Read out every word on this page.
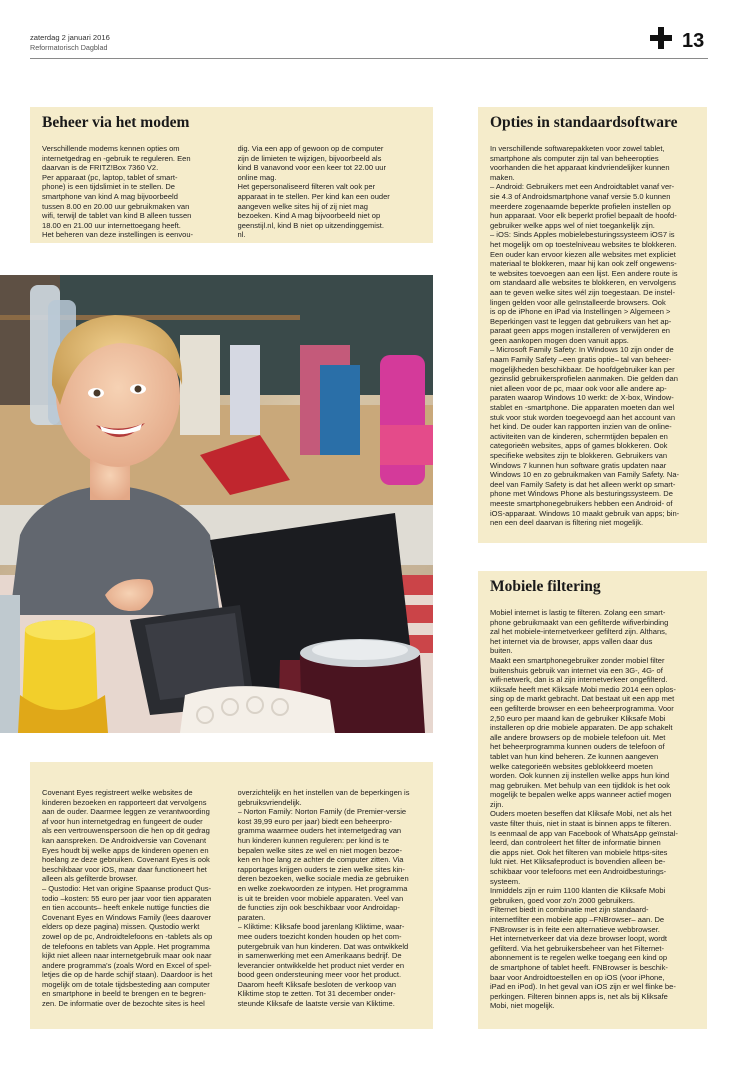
zaterdag 2 januari 2016
Reformatorisch Dagblad	13
Beheer via het modem
Verschillende modems kennen opties om
internetgedrag en -gebruik te reguleren. Een
daarvan is de FRITZ!Box 7360 V2.
Per apparaat (pc, laptop, tablet of smart-
phone) is een tijdslimiet in te stellen. De
smartphone van kind A mag bijvoorbeeld
tussen 8.00 en 20.00 uur gebruikmaken van
wifi, terwijl de tablet van kind B alleen tussen
18.00 en 21.00 uur internettoegang heeft.
Het beheren van deze instellingen is eenvou-
dig. Via een app of gewoon op de computer
zijn de limieten te wijzigen, bijvoorbeeld als
kind B vanavond voor een keer tot 22.00 uur
online mag.
Het gepersonaliseerd filteren valt ook per
apparaat in te stellen. Per kind kan een ouder
aangeven welke sites hij of zij niet mag
bezoeken. Kind A mag bijvoorbeeld niet op
geenstijl.nl, kind B niet op uitzendinggemist.
nl.
Opties in standaardsoftware
In verschillende softwarepakketen voor zowel tablet,
smartphone als computer zijn tal van beheeropties
voorhanden die het apparaat kindvriendelijker kunnen
maken.
– Android: Gebruikers met een Androidtablet vanaf ver-
sie 4.3 of Androidsmartphone vanaf versie 5.0 kunnen
meerdere zogenaamde beperkte profielen instellen op
hun apparaat. Voor elk beperkt profiel bepaalt de hoofd-
gebruiker welke apps wel of niet toegankelijk zijn.
– iOS: Sinds Apples mobielebesturingssysteem iOS7 is
het mogelijk om op toestelniveau websites te blokkeren.
Een ouder kan ervoor kiezen alle websites met expliciet
materiaal te blokkeren, maar hij kan ook zelf ongewens-
te websites toevoegen aan een lijst. Een andere route is
om standaard alle websites te blokkeren, en vervolgens
aan te geven welke sites wél zijn toegestaan. De instel-
lingen gelden voor alle geïnstalleerde browsers. Ook
is op de iPhone en iPad via Instellingen > Algemeen >
Beperkingen vast te leggen dat gebruikers van het ap-
paraat geen apps mogen installeren of verwijderen en
geen aankopen mogen doen vanuit apps.
– Microsoft Family Safety: In Windows 10 zijn onder de
naam Family Safety –een gratis optie– tal van beheer-
mogelijkheden beschikbaar. De hoofdgebruiker kan per
gezinslid gebruikersprofielen aanmaken. Die gelden dan
niet alleen voor de pc, maar ook voor alle andere ap-
paraten waarop Windows 10 werkt: de X-box, Window-
stablet en -smartphone. Die apparaten moeten dan wel
stuk voor stuk worden toegevoegd aan het account van
het kind. De ouder kan rapporten inzien van de online-
activiteiten van de kinderen, schermtijden bepalen en
categorieën websites, apps of games blokkeren. Ook
specifieke websites zijn te blokkeren. Gebruikers van
Windows 7 kunnen hun software gratis updaten naar
Windows 10 en zo gebruikmaken van Family Safety. Na-
deel van Family Safety is dat het alleen werkt op smart-
phone met Windows Phone als besturingssysteem. De
meeste smartphonegebruikers hebben een Android- of
iOS-apparaat. Windows 10 maakt gebruik van apps; bin-
nen een deel daarvan is filtering niet mogelijk.
Covenant Eyes registreert welke websites de
kinderen bezoeken en rapporteert dat vervolgens
aan de ouder. Daarmee leggen ze verantwoording
af voor hun internetgedrag en fungeert de ouder
als een vertrouwenspersoon die hen op dit gedrag
kan aanspreken. De Androidversie van Covenant
Eyes houdt bij welke apps de kinderen openen en
hoelang ze deze gebruiken. Covenant Eyes is ook
beschikbaar voor iOS, maar daar functioneert het
alleen als gefilterde browser.
– Qustodio: Het van origine Spaanse product Qus-
todio –kosten: 55 euro per jaar voor tien apparaten
en tien accounts– heeft enkele nuttige functies die
Covenant Eyes en Windows Family (lees daarover
elders op deze pagina) missen. Qustodio werkt
zowel op de pc, Androidtelefoons en -tablets als op
de telefoons en tablets van Apple. Het programma
kijkt niet alleen naar internetgebruik maar ook naar
andere programma's (zoals Word en Excel of spel-
letjes die op de harde schijf staan). Daardoor is het
mogelijk om de totale tijdsbesteding aan computer
en smartphone in beeld te brengen en te begren-
zen. De informatie over de bezochte sites is heel
overzichtelijk en het instellen van de beperkingen is
gebruiksvriendelijk.
– Norton Family: Norton Family (de Premier-versie
kost 39,99 euro per jaar) biedt een beheerpro-
gramma waarmee ouders het internetgedrag van
hun kinderen kunnen reguleren: per kind is te
bepalen welke sites ze wel en niet mogen bezoe-
ken en hoe lang ze achter de computer zitten. Via
rapportages krijgen ouders te zien welke sites kin-
deren bezoeken, welke sociale media ze gebruiken
en welke zoekwoorden ze intypen. Het programma
is uit te breiden voor mobiele apparaten. Veel van
de functies zijn ook beschikbaar voor Androidap-
paraten.
– Kliktime: Kliksafe bood jarenlang Kliktime, waar-
mee ouders toezicht konden houden op het com-
putergebruik van hun kinderen. Dat was ontwikkeld
in samenwerking met een Amerikaans bedrijf. De
leverancier ontwikkelde het product niet verder en
bood geen ondersteuning meer voor het product.
Daarom heeft Kliksafe besloten de verkoop van
Kliktime stop te zetten. Tot 31 december onder-
steunde Kliksafe de laatste versie van Kliktime.
Mobiele filtering
Mobiel internet is lastig te filteren. Zolang een smart-
phone gebruikmaakt van een gefilterde wifiverbinding
zal het mobiele-internetverkeer gefilterd zijn. Althans,
het internet via de browser, apps vallen daar dus
buiten.
Maakt een smartphonegebruiker zonder mobiel filter
buitenshuis gebruik van internet via een 3G-, 4G- of
wifi-netwerk, dan is al zijn internetverkeer ongefilterd.
Kliksafe heeft met Kliksafe Mobi medio 2014 een oplos-
sing op de markt gebracht. Dat bestaat uit een app met
een gefilterde browser en een beheerprogramma. Voor
2,50 euro per maand kan de gebruiker Kliksafe Mobi
installeren op drie mobiele apparaten. De app schakelt
alle andere browsers op de mobiele telefoon uit. Met
het beheerprogramma kunnen ouders de telefoon of
tablet van hun kind beheren. Ze kunnen aangeven
welke categorieën websites geblokkeerd moeten
worden. Ook kunnen zij instellen welke apps hun kind
mag gebruiken. Met behulp van een tijdklok is het ook
mogelijk te bepalen welke apps wanneer actief mogen
zijn.
Ouders moeten beseffen dat Kliksafe Mobi, net als het
vaste filter thuis, niet in staat is binnen apps te filteren.
Is eenmaal de app van Facebook of WhatsApp geïnstal-
leerd, dan controleert het filter de informatie binnen
die apps niet. Ook het filteren van mobiele https-sites
lukt niet. Het Kliksafeproduct is bovendien alleen be-
schikbaar voor telefoons met een Androidbesturings-
systeem.
Inmiddels zijn er ruim 1100 klanten die Kliksafe Mobi
gebruiken, goed voor zo'n 2000 gebruikers.
Filternet biedt in combinatie met zijn standaard-
internetfilter een mobiele app –FNBrowser– aan. De
FNBrowser is in feite een alternatieve webbrowser.
Het internetverkeer dat via deze browser loopt, wordt
gefilterd. Via het gebruikersbeheer van het Filternet-
abonnement is te regelen welke toegang een kind op
de smartphone of tablet heeft. FNBrowser is beschik-
baar voor Androidtoestellen en op iOS (voor iPhone,
iPad en iPod). In het geval van iOS zijn er wel flinke be-
perkingen. Filteren binnen apps is, net als bij Kliksafe
Mobi, niet mogelijk.
